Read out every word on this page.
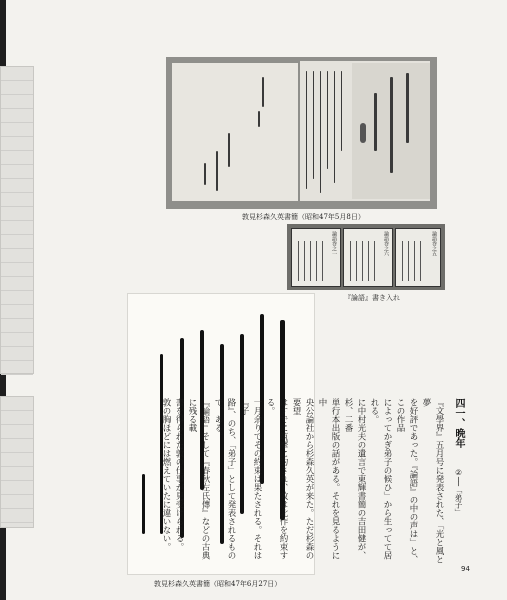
敦見杉森久英書簡（昭和47年5月8日）
論語巻之一	論語巻之六	論語巻之五
『論語』書き入れ
敦見杉森久英書簡（昭和47年6月27日）
四一、晩年
②──「弟子」

『文學界』五月号に発表された、「光と風と夢

を好評であった。『論語』の中の声は」と、この作品

によってかぎ弟子の候ひ」から生ってて居れる。

に中村光夫の遺言で東輝書簡の吉田健が、杉、二番

単行本出版の話がある。それを見るように中

央公論社から杉森久英が来た。ただ杉森の要望

はすでに筑摩に約され、敦は北作を約束する。

一月余りでその約束は果たされる。それは『子

路』、のち、「弟子」として発表されるもので、ある。

『論語』そして『春秋左氏傳』などの古典に残る載

書を得られた敦の仕事が見受けられる。

敦の胸ほどには燃えていたに違いない。

94
